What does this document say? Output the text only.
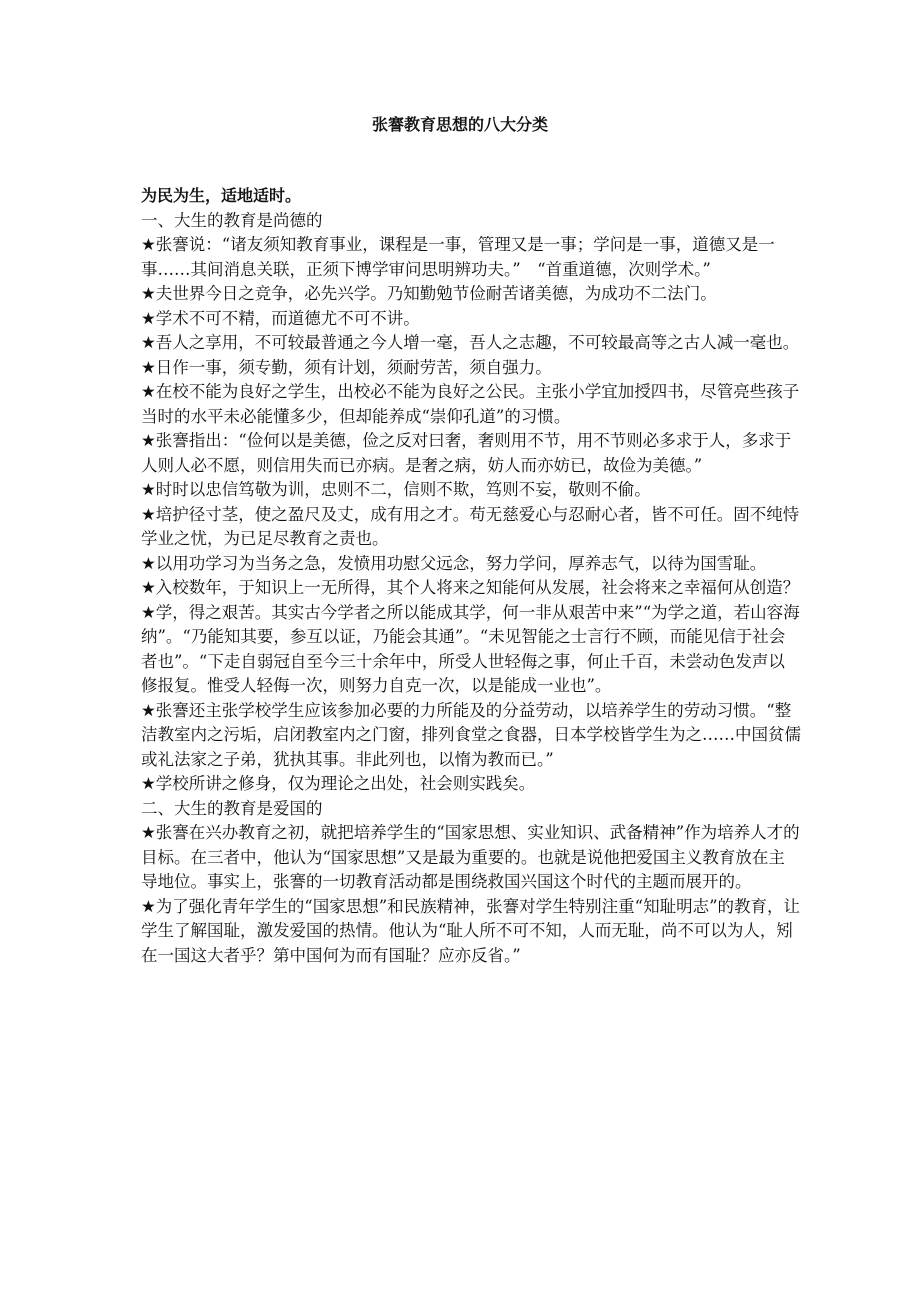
张謇教育思想的八大分类

为民为生，适地适时。

一、大生的教育是尚德的

★张謇说：“诸友须知教育事业，课程是一事，管理又是一事；学问是一事，道德又是一事……其间消息关联，正须下博学审问思明辨功夫。”　“首重道德，次则学术。”

★夫世界今日之竞争，必先兴学。乃知勤勉节俭耐苦诸美德，为成功不二法门。

★学术不可不精，而道德尤不可不讲。

★吾人之享用，不可较最普通之今人增一毫，吾人之志趣，不可较最高等之古人减一毫也。

★日作一事，须专勤，须有计划，须耐劳苦，须自强力。

★在校不能为良好之学生，出校必不能为良好之公民。主张小学宜加授四书，尽管亮些孩子当时的水平未必能懂多少，但却能养成“崇仰孔道”的习惯。

★张謇指出：“俭何以是美德，俭之反对曰奢，奢则用不节，用不节则必多求于人，多求于人则人必不愿，则信用失而已亦病。是奢之病，妨人而亦妨已，故俭为美德。”

★时时以忠信笃敬为训，忠则不二，信则不欺，笃则不妄，敬则不偷。

★培护径寸茎，使之盈尺及丈，成有用之才。苟无慈爱心与忍耐心者，皆不可任。固不纯恃学业之忧，为已足尽教育之责也。

★以用功学习为当务之急，发愤用功慰父远念，努力学问，厚养志气，以待为国雪耻。

★入校数年，于知识上一无所得，其个人将来之知能何从发展，社会将来之幸福何从创造？

★学，得之艰苦。其实古今学者之所以能成其学，何一非从艰苦中来”“为学之道，若山容海纳”。“乃能知其要，参互以证，乃能会其通”。“未见智能之士言行不顾，而能见信于社会者也”。“下走自弱冠自至今三十余年中，所受人世轻侮之事，何止千百，未尝动色发声以修报复。惟受人轻侮一次，则努力自克一次，以是能成一业也”。

★张謇还主张学校学生应该参加必要的力所能及的分益劳动，以培养学生的劳动习惯。“整洁教室内之污垢，启闭教室内之门窗，排列食堂之食器，日本学校皆学生为之……中国贫儒或礼法家之子弟，犹执其事。非此列也，以惰为教而已。”

★学校所讲之修身，仅为理论之出处，社会则实践矣。

二、大生的教育是爱国的

★张謇在兴办教育之初，就把培养学生的“国家思想、实业知识、武备精神”作为培养人才的目标。在三者中，他认为“国家思想”又是最为重要的。也就是说他把爱国主义教育放在主导地位。事实上，张謇的一切教育活动都是围绕救国兴国这个时代的主题而展开的。

★为了强化青年学生的“国家思想”和民族精神，张謇对学生特别注重“知耻明志”的教育，让学生了解国耻，激发爱国的热情。他认为“耻人所不可不知，人而无耻，尚不可以为人，矧在一国这大者乎？第中国何为而有国耻？应亦反省。”
